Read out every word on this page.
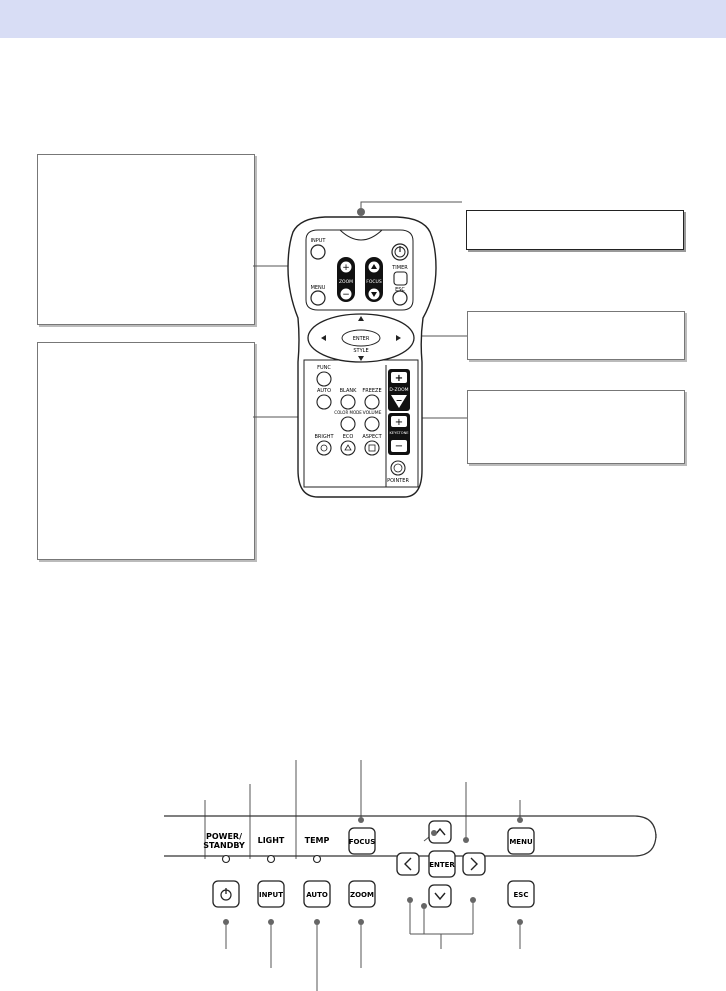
INPUT
+
−
ZOOM	FOCUS
TIMER
MENU	ESC
ENTER
STYLE
FUNC
AUTO BLANK FREEZE
COLOR MODE VOLUME
BRIGHT ECO ASPECT
+
D-ZOOM
−
+
KEYSTONE
−
POINTER
POWER/
STANDBY
LIGHT	TEMP	FOCUS
ENTER
MENU
INPUT	AUTO	ZOOM	ESC
